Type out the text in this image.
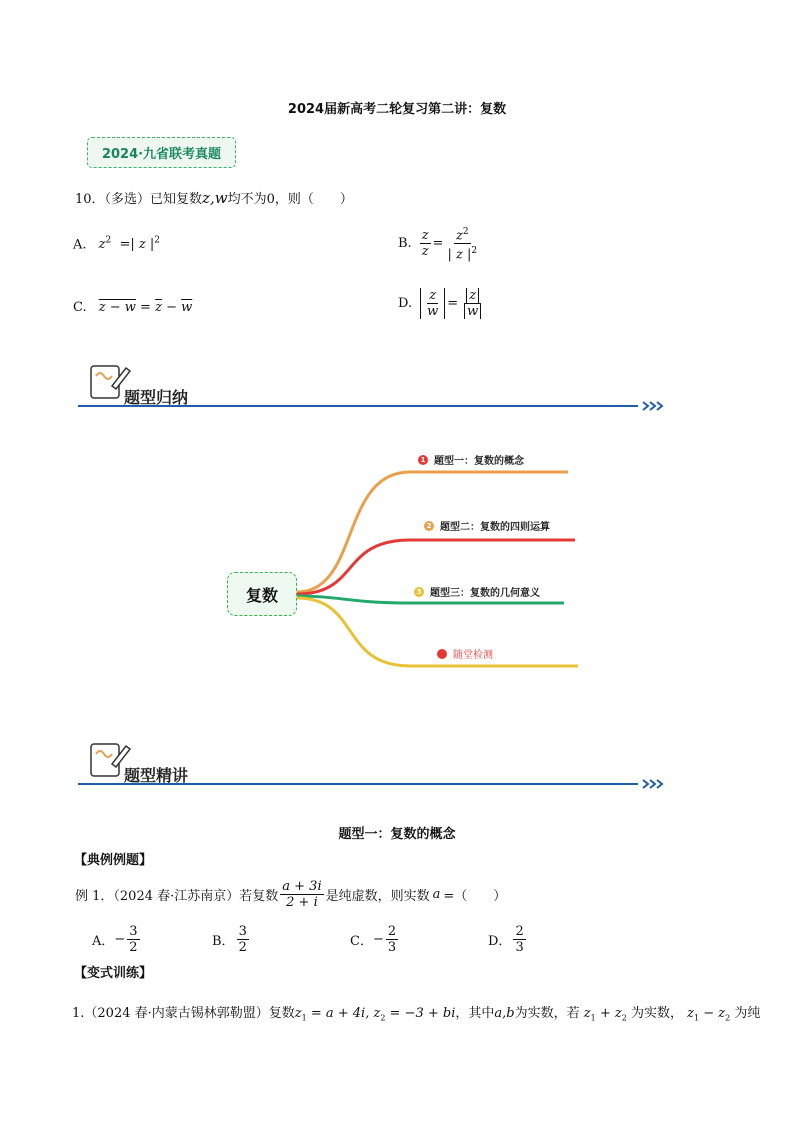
2024届新高考二轮复习第二讲：复数
2024·九省联考真题
10．（多选）已知复数z,w均不为0，则（　　）
A. $z^2$  =| z $|^2$	B. $\frac{z}{z} = \frac{z^2}{| z |^2}$
C. $z - w = \overline{z} - \overline{w}$	D. $\frac{z}{w} = \frac{z}{w}$
题型归纳
复数
1 题型一：复数的概念
2 题型二：复数的四则运算
3 题型三：复数的几何意义
随堂检测
题型精讲
题型一：复数的概念
【典例例题】
例 1．（2024 春·江苏南京）若复数 $\frac{a + 3i}{2 + i}$ 是纯虚数，则实数 a =（　　）
A． − $\frac{3}{2}$	B． $\frac{3}{2}$	C． − $\frac{2}{3}$	D． $\frac{2}{3}$
【变式训练】
1.（2024 春·内蒙古锡林郭勒盟）复数$z_1 = a + 4i$, $z_2 = -3$ + bi，其中a,b为实数，若 $z_1 + z_2$ 为实数， $z_1 - z_2$ 为纯
